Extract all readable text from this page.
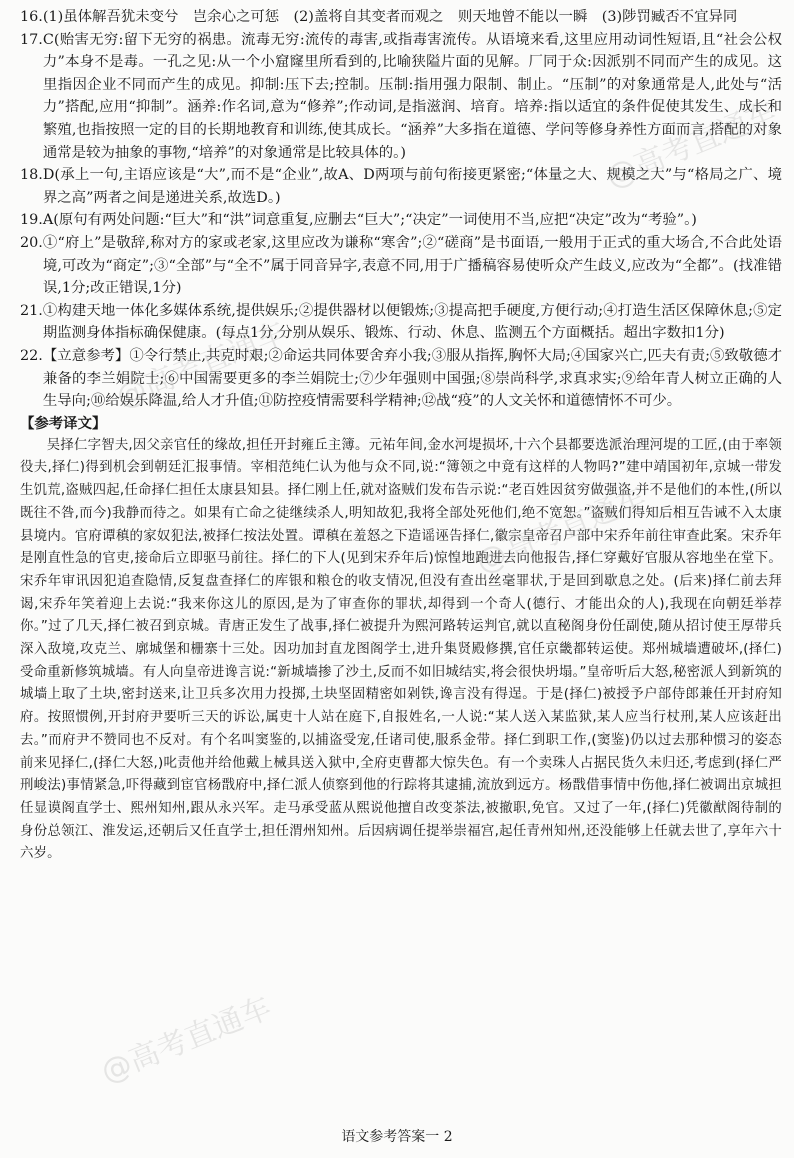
16. (1)虽体解吾犹未变兮　岂余心之可惩　(2)盖将自其变者而观之　则天地曾不能以一瞬　(3)陟罚臧否不宜异同
17. C(贻害无穷:留下无穷的祸患。流毒无穷:流传的毒害,或指毒害流传。从语境来看,这里应用动词性短语,且“社会公权力”本身不是毒。一孔之见:从一个小窟窿里所看到的,比喻狭隘片面的见解。厂同于众:因派别不同而产生的成见。这里指因企业不同而产生的成见。抑制:压下去;控制。压制:指用强力限制、制止。“压制”的对象通常是人,此处与“活力”搭配,应用“抑制”。涵养:作名词,意为“修养”;作动词,是指滋润、培育。培养:指以适宜的条件促使其发生、成长和繁殖,也指按照一定的目的长期地教育和训练,使其成长。“涵养”大多指在道德、学问等修身养性方面而言,搭配的对象通常是较为抽象的事物,“培养”的对象通常是比较具体的。)
18. D(承上一句,主语应该是“大”,而不是“企业”,故A、D两项与前句衔接更紧密;“体量之大、规模之大”与“格局之广、境界之高”两者之间是递进关系,故选D。)
19. A(原句有两处问题:“巨大”和“洪”词意重复,应删去“巨大”;“决定”一词使用不当,应把“决定”改为“考验”。)
20. ①“府上”是敬辞,称对方的家或老家,这里应改为谦称“寒舍”;②“磋商”是书面语,一般用于正式的重大场合,不合此处语境,可改为“商定”;③“全部”与“全不”属于同音异字,表意不同,用于广播稿容易使听众产生歧义,应改为“全都”。(找准错误,1分;改正错误,1分)
21. ①构建天地一体化多媒体系统,提供娱乐;②提供器材以便锻炼;③提高把手硬度,方便行动;④打造生活区保障休息;⑤定期监测身体指标确保健康。(每点1分,分别从娱乐、锻炼、行动、休息、监测五个方面概括。超出字数扣1分)
22. 【立意参考】①令行禁止,共克时艰;②命运共同体要舍弃小我;③服从指挥,胸怀大局;④国家兴亡,匹夫有责;⑤致敬德才兼备的李兰娟院士;⑥中国需要更多的李兰娟院士;⑦少年强则中国强;⑧崇尚科学,求真求实;⑨给年青人树立正确的人生导向;⑩给娱乐降温,给人才升值;⑪防控疫情需要科学精神;⑫战“疫”的人文关怀和道德情怀不可少。
【参考译文】

吴择仁字智夫,因父亲官任的缘故,担任开封雍丘主簿。元祐年间,金水河堤损坏,十六个县都要选派治理河堤的工匠,(由于率领役夫,择仁)得到机会到朝廷汇报事情。宰相范纯仁认为他与众不同,说:“簿领之中竟有这样的人物吗?”建中靖国初年,京城一带发生饥荒,盗贼四起,任命择仁担任太康县知县。择仁刚上任,就对盗贼们发布告示说:“老百姓因贫穷做强盗,并不是他们的本性,(所以既往不咎,而今)我静而待之。如果有亡命之徒继续杀人,明知故犯,我将全部处死他们,绝不宽恕。”盗贼们得知后相互告诫不入太康县境内。官府谭稹的家奴犯法,被择仁按法处置。谭稹在羞怒之下造谣诬告择仁,徽宗皇帝召户部中宋乔年前往审查此案。宋乔年是刚直性急的官吏,接命后立即驱马前往。择仁的下人(见到宋乔年后)惊惶地跑进去向他报告,择仁穿戴好官服从容地坐在堂下。宋乔年审讯因犯追查隐情,反复盘查择仁的库银和粮仓的收支情况,但没有查出丝毫罪状,于是回到歇息之处。(后来)择仁前去拜谒,宋乔年笑着迎上去说:“我来你这儿的原因,是为了审查你的罪状,却得到一个奇人(德行、才能出众的人),我现在向朝廷举荐你。”过了几天,择仁被召到京城。青唐正发生了战事,择仁被提升为熙河路转运判官,就以直秘阁身份任副使,随从招讨使王厚带兵深入敌境,攻克兰、廓城堡和栅寨十三处。因功加封直龙图阁学士,进升集贤殿修撰,官任京畿都转运使。郑州城墙遭破坏,(择仁)受命重新修筑城墙。有人向皇帝进谗言说:“新城墙掺了沙土,反而不如旧城结实,将会很快坍塌。”皇帝听后大怒,秘密派人到新筑的城墙上取了土块,密封送来,让卫兵多次用力投掷,土块坚固精密如剁铁,谗言没有得逞。于是(择仁)被授予户部侍郎兼任开封府知府。按照惯例,开封府尹要听三天的诉讼,属吏十人站在庭下,自报姓名,一人说:“某人送入某监狱,某人应当行杖刑,某人应该赶出去。”而府尹不赞同也不反对。有个名叫窦鉴的,以捕盗受宠,任诸司使,服系金带。择仁到职工作,(窦鉴)仍以过去那种惯习的姿态前来见择仁,(择仁大怒,)叱责他并给他戴上械具送入狱中,全府吏曹都大惊失色。有一个卖珠人占据民货久未归还,考虑到(择仁严刑峻法)事情紧急,吓得藏到宦官杨戬府中,择仁派人侦察到他的行踪将其逮捕,流放到远方。杨戬借事情中伤他,择仁被调出京城担任显谟阁直学士、熙州知州,跟从永兴军。走马承受蓝从熙说他擅自改变茶法,被撤职,免官。又过了一年,(择仁)凭徽猷阁待制的身份总领江、淮发运,还朝后又任直学士,担任渭州知州。后因病调任提举崇福宫,起任青州知州,还没能够上任就去世了,享年六十六岁。

@高考直通车
@高考直通车
@高考直通车
@高考直通车
语文参考答案一 2
